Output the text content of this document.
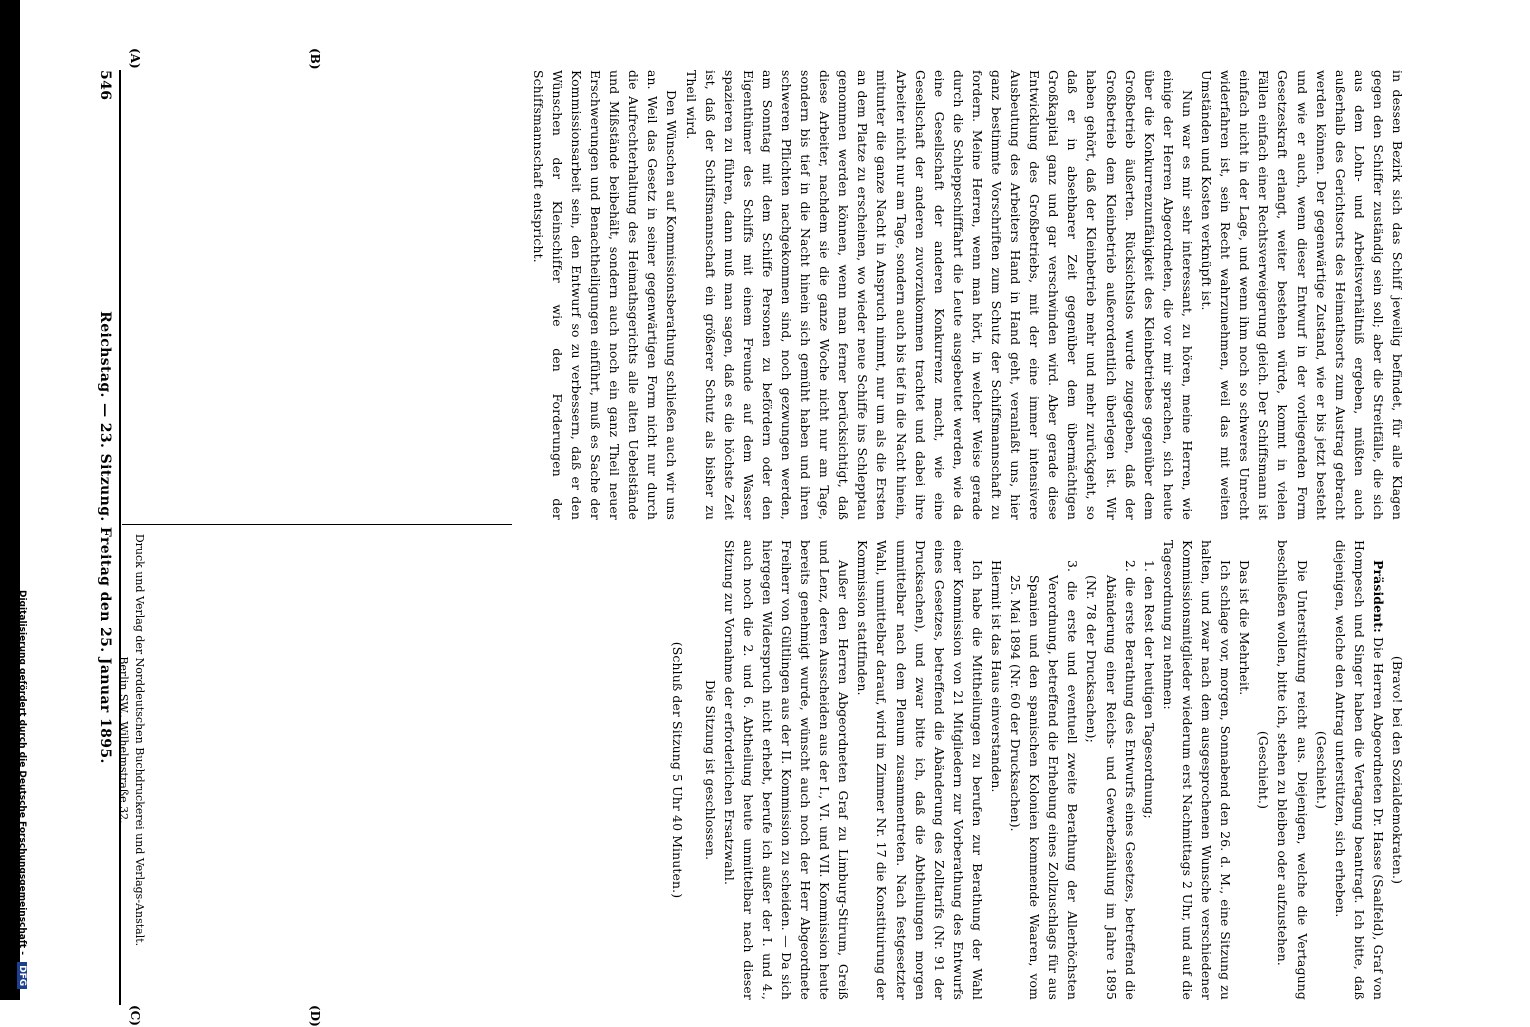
546
Reichstag. — 23. Sitzung. Freitag den 25. Januar 1895.
(A)	(B)
(C)	(D)

in dessen Bezirk sich das Schiff jeweilig befindet, für alle Klagen gegen den Schiffer zuständig sein soll; aber die Streitfälle, die sich aus dem Lohn- und Arbeitsverhältniß ergeben, müßten auch außerhalb des Gerichtsorts des Heimathsorts zum Austrag gebracht werden können. Der gegenwärtige Zustand, wie er bis jetzt besteht und wie er auch, wenn dieser Entwurf in der vorliegenden Form Gesetzeskraft erlangt, weiter bestehen würde, kommt in vielen Fällen einfach einer Rechtsverweigerung gleich. Der Schiffsmann ist einfach nicht in der Lage, und wenn ihm noch so schweres Unrecht widerfahren ist, sein Recht wahrzunehmen, weil das mit weiten Umständen und Kosten verknüpft ist.

Nun war es mir sehr interessant, zu hören, meine Herren, wie einige der Herren Abgeordneten, die vor mir sprachen, sich heute über die Konkurrenzunfähigkeit des Kleinbetriebes gegenüber dem Großbetrieb äußerten. Rücksichtslos wurde zugegeben, daß der Großbetrieb dem Kleinbetrieb außerordentlich überlegen ist. Wir haben gehört, daß der Kleinbetrieb mehr und mehr zurückgeht, so daß er in absehbarer Zeit gegenüber dem übermächtigen Großkapital ganz und gar verschwinden wird. Aber gerade diese Entwicklung des Großbetriebs, mit der eine immer intensivere Ausbeutung des Arbeiters Hand in Hand geht, veranlaßt uns, hier ganz bestimmte Vorschriften zum Schutz der Schiffsmannschaft zu fordern. Meine Herren, wenn man hört, in welcher Weise gerade durch die Schleppschifffahrt die Leute ausgebeutet werden, wie da eine Gesellschaft der anderen Konkurrenz macht, wie eine Gesellschaft der anderen zuvorzukommen trachtet und dabei ihre Arbeiter nicht nur am Tage, sondern auch bis tief in die Nacht hinein, mitunter die ganze Nacht in Anspruch nimmt, nur um als die Ersten an dem Platze zu erscheinen, wo wieder neue Schiffe ins Schlepptau genommen werden können, wenn man ferner berücksichtigt, daß diese Arbeiter, nachdem sie die ganze Woche nicht nur am Tage, sondern bis tief in die Nacht hinein sich gemüht haben und ihren schweren Pflichten nachgekommen sind, noch gezwungen werden, am Sonntag mit dem Schiffe Personen zu befördern oder den Eigenthümer des Schiffs mit einem Freunde auf dem Wasser spazieren zu führen, dann muß man sagen, daß es die höchste Zeit ist, daß der Schiffsmannschaft ein größerer Schutz als bisher zu Theil wird.

Den Wünschen auf Kommissionsberathung schließen auch wir uns an. Weil das Gesetz in seiner gegenwärtigen Form nicht nur durch die Aufrechterhaltung des Heimathsgerichts alle alten Uebelstände und Mißstände beibehält, sondern auch noch ein ganz Theil neuer Erschwerungen und Benachtheiligungen einführt, muß es Sache der Kommissionsarbeit sein, den Entwurf so zu verbessern, daß er den Wünschen der Kleinschiffer wie den Forderungen der Schiffsmannschaft entspricht.

(Bravo! bei den Sozialdemokraten.)

Präsident: Die Herren Abgeordneten Dr. Hasse (Saalfeld), Graf von Hompesch und Singer haben die Vertagung beantragt. Ich bitte, daß diejenigen, welche den Antrag unterstützen, sich erheben.

(Geschieht.)

Die Unterstützung reicht aus. Diejenigen, welche die Vertagung beschließen wollen, bitte ich, stehen zu bleiben oder aufzustehen.

(Geschieht.)

Das ist die Mehrheit.

Ich schlage vor, morgen, Sonnabend den 26. d. M., eine Sitzung zu halten, und zwar nach dem ausgesprochenen Wunsche verschiedener Kommissionsmitglieder wiederum erst Nachmittags 2 Uhr, und auf die Tagesordnung zu nehmen:

1. den Rest der heutigen Tagesordnung;

2. die erste Berathung des Entwurfs eines Gesetzes, betreffend die Abänderung einer Reichs- und Gewerbezählung im Jahre 1895 (Nr. 78 der Drucksachen);

3. die erste und eventuell zweite Berathung der Allerhöchsten Verordnung, betreffend die Erhebung eines Zollzuschlags für aus Spanien und den spanischen Kolonien kommende Waaren, vom 25. Mai 1894 (Nr. 60 der Drucksachen).

Hiermit ist das Haus einverstanden.

Ich habe die Mittheilungen zu berufen zur Berathung der Wahl einer Kommission von 21 Mitgliedern zur Vorberathung des Entwurfs eines Gesetzes, betreffend die Abänderung des Zolltarifs (Nr. 91 der Drucksachen), und zwar bitte ich, daß die Abtheilungen morgen unmittelbar nach dem Plenum zusammentreten. Nach festgesetzter Wahl, unmittelbar darauf, wird im Zimmer Nr. 17 die Konstituirung der Kommission stattfinden.

Außer den Herren Abgeordneten Graf zu Limburg-Stirum, Greiß und Lenz, deren Ausscheiden aus der I., VI. und VII. Kommission heute bereits genehmigt wurde, wünscht auch noch der Herr Abgeordnete Freiherr von Gültlingen aus der II. Kommission zu scheiden. — Da sich hiergegen Widerspruch nicht erhebt, berufe ich außer der I. und 4., auch noch die 2. und 6. Abtheilung heute unmittelbar nach dieser Sitzung zur Vornahme der erforderlichen Ersatzwahl.

Die Sitzung ist geschlossen.

(Schluß der Sitzung 5 Uhr 40 Minuten.)

Druck und Verlag der Norddeutschen Buchdruckerei und Verlags-Anstalt.
Berlin SW., Wilhelmstraße 32.
Digitalisierung gefördert durch die Deutsche Forschungsgemeinschaft - DFG
